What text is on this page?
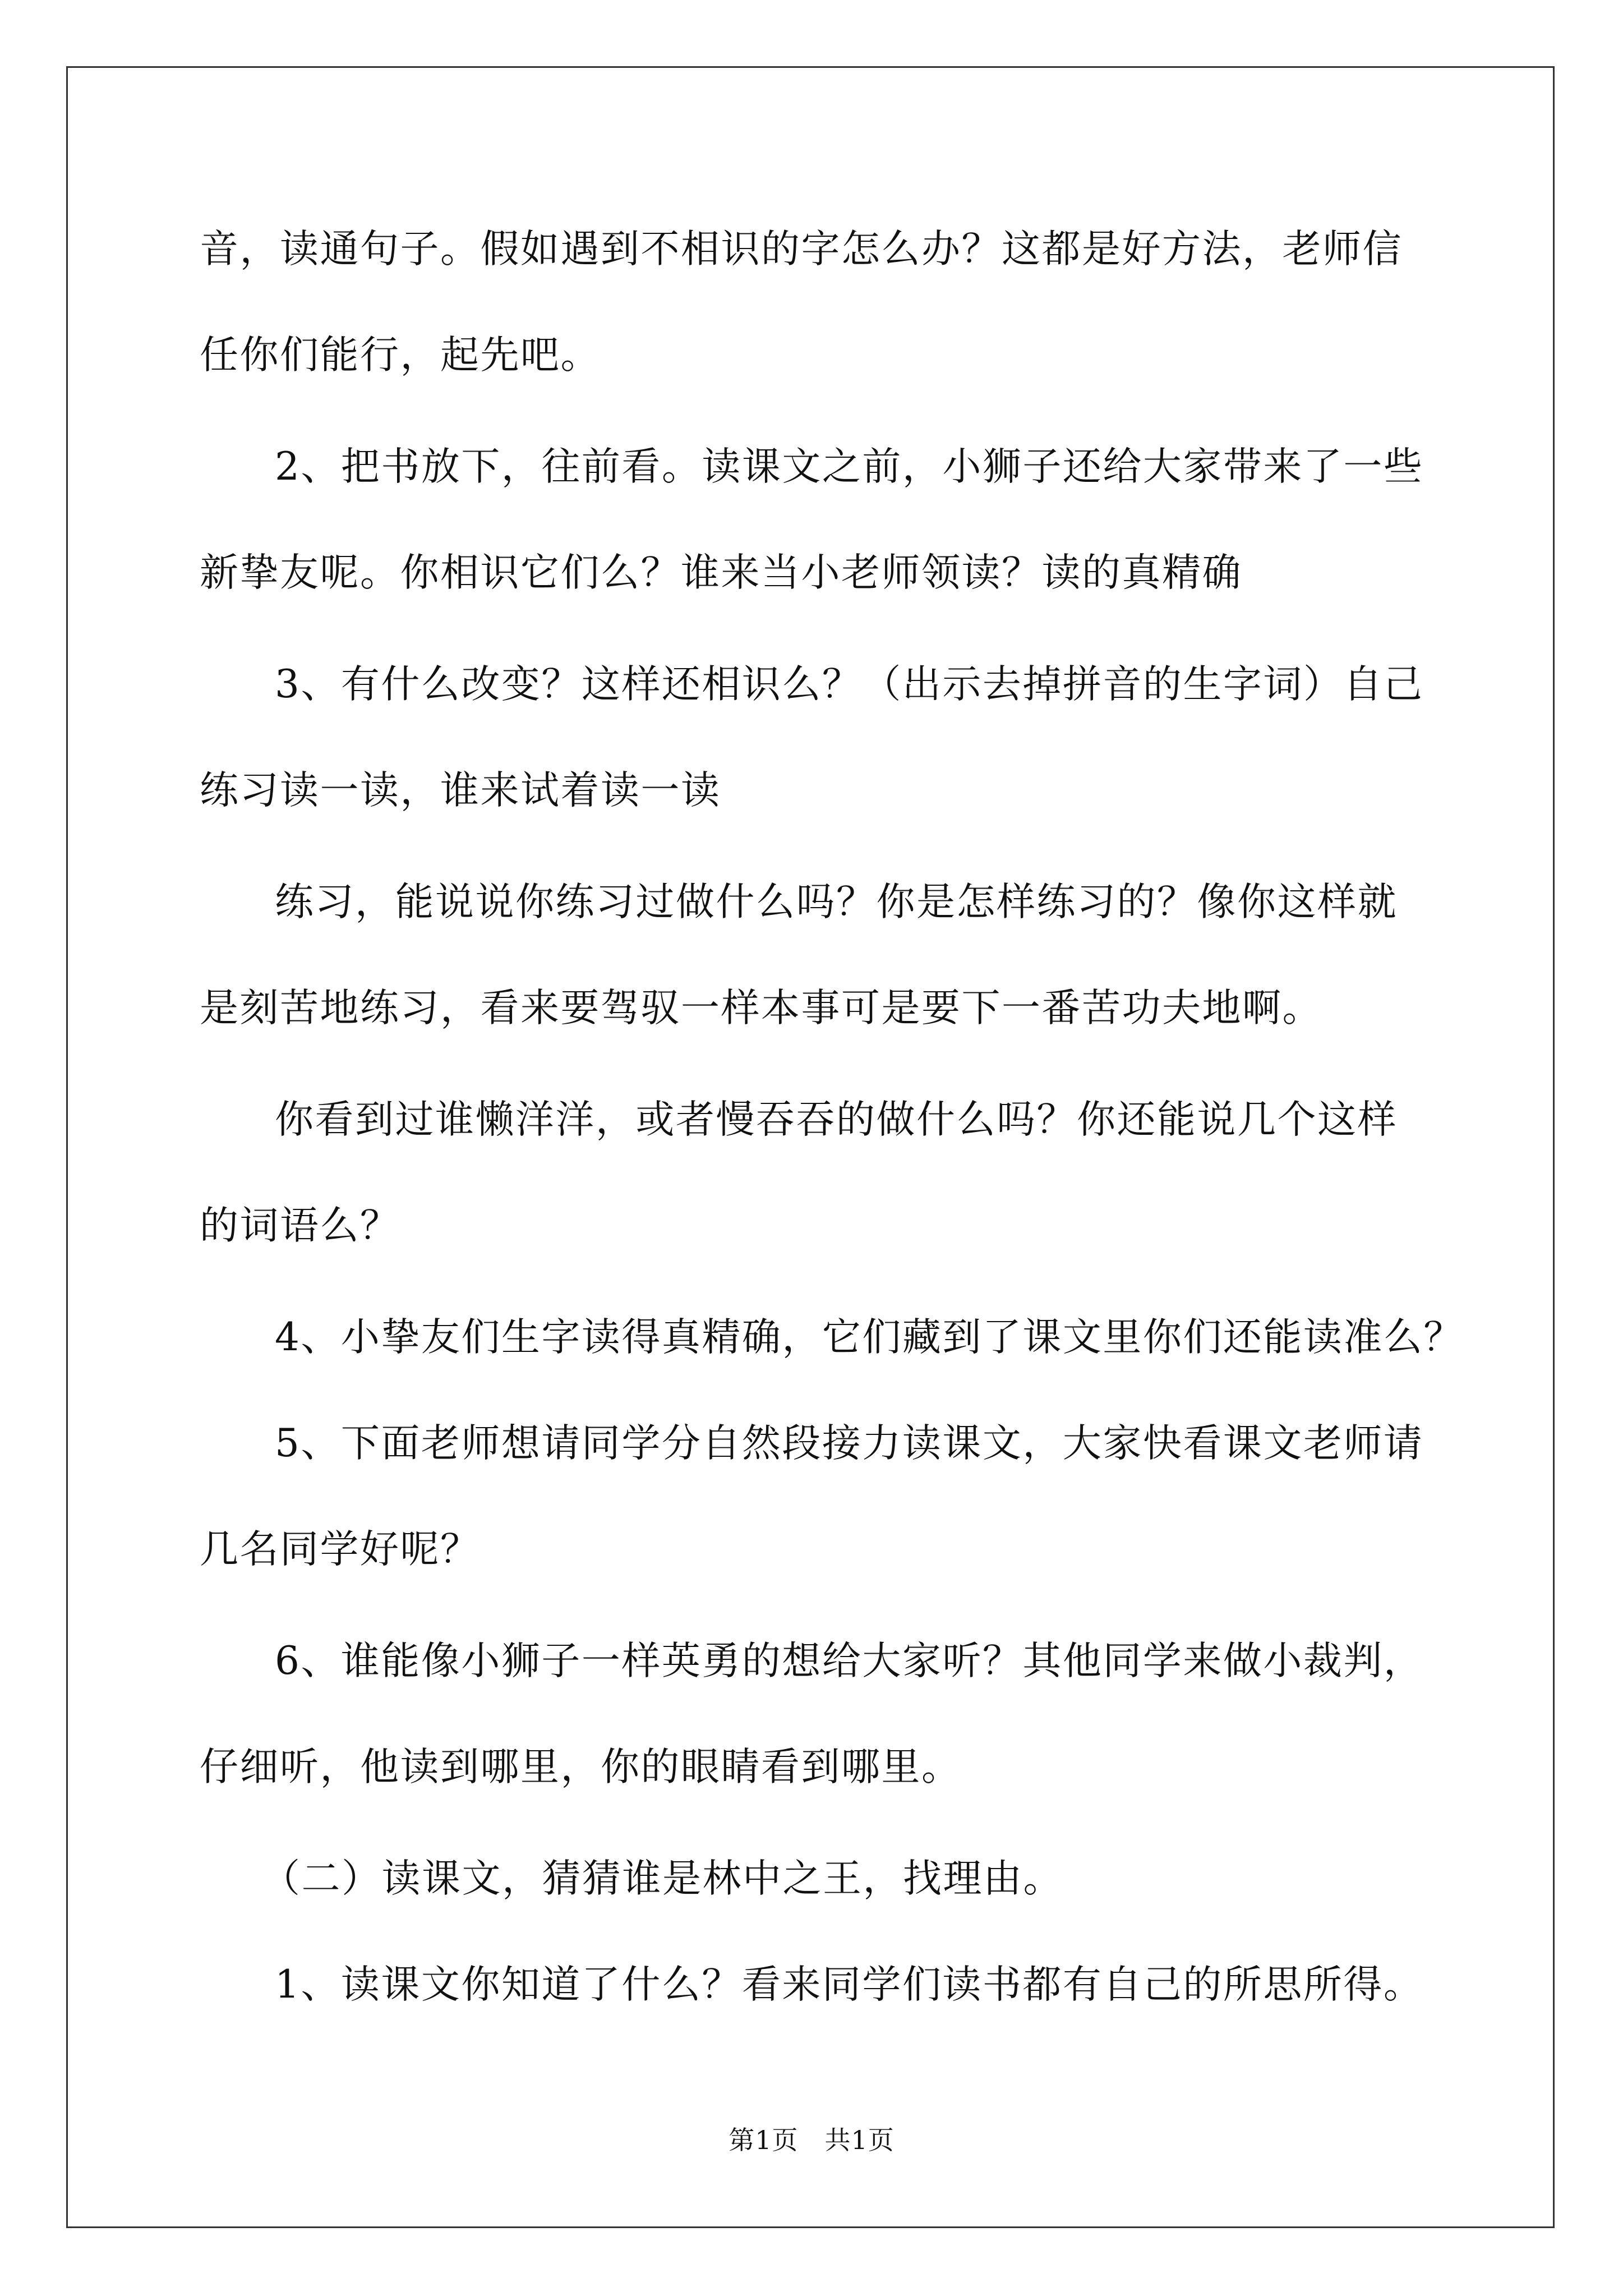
音，读通句子。假如遇到不相识的字怎么办？这都是好方法，老师信
任你们能行，起先吧。
2、把书放下，往前看。读课文之前，小狮子还给大家带来了一些
新挚友呢。你相识它们么？谁来当小老师领读？读的真精确
3、有什么改变？这样还相识么？（出示去掉拼音的生字词）自己
练习读一读，谁来试着读一读
练习，能说说你练习过做什么吗？你是怎样练习的？像你这样就
是刻苦地练习，看来要驾驭一样本事可是要下一番苦功夫地啊。
你看到过谁懒洋洋，或者慢吞吞的做什么吗？你还能说几个这样
的词语么？
4、小挚友们生字读得真精确，它们藏到了课文里你们还能读准么？
5、下面老师想请同学分自然段接力读课文，大家快看课文老师请
几名同学好呢？
6、谁能像小狮子一样英勇的想给大家听？其他同学来做小裁判，
仔细听，他读到哪里，你的眼睛看到哪里。
（二）读课文，猜猜谁是林中之王，找理由。
1、读课文你知道了什么？看来同学们读书都有自己的所思所得。
第1页　共1页
